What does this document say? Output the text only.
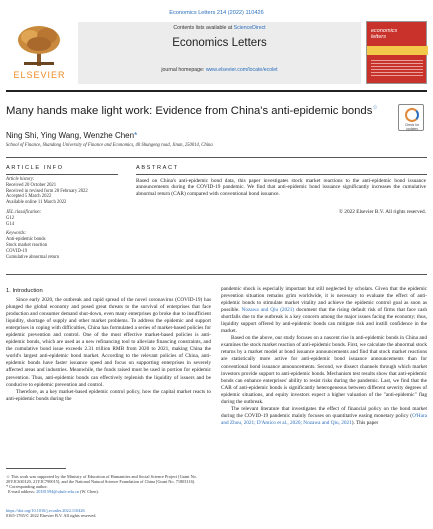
Economics Letters 214 (2022) 110426
ELSEVIER
Contents lists available at ScienceDirect
Economics Letters
journal homepage: www.elsevier.com/locate/ecolet
economics
letters
Many hands make light work: Evidence from China's anti-epidemic bonds☆
Check for
updates
Ning Shi, Ying Wang, Wenzhe Chen*
School of Finance, Shandong University of Finance and Economics, 40 Shungeng road, Jinan, 250014, China
ARTICLE INFO	ABSTRACT
Article history:
Received 20 October 2021
Received in revised form 28 February 2022
Accepted 5 March 2022
Available online 11 March 2022
JEL classification:
G12
G14
Keywords:
Anti-epidemic bonds
Stock market reaction
COVID-19
Cumulative abnormal return
Based on China's anti-epidemic bond data, this paper investigates stock market reactions to the anti-epidemic bond issuance announcements during the COVID-19 pandemic. We find that anti-epidemic bond issuance significantly increases the cumulative abnormal return (CAR) compared with conventional bond issuance.
© 2022 Elsevier B.V. All rights reserved.
1. Introduction

Since early 2020, the outbreak and rapid spread of the novel coronavirus (COVID-19) has plunged the global economy and posed great threats to the survival of enterprises that face production and consumer demand shut-down, even many enterprises go broke due to insufficient liquidity, shortage of supply and other market problems. To address the epidemic and support enterprises in coping with difficulties, China has formulated a series of market-based policies for epidemic prevention and control. One of the most effective market-based policies is anti-epidemic bonds, which are used as a new refinancing tool to alleviate financing constraints, and the cumulative bond issue exceeds 2.31 trillion RMB from 2020 to 2021, making China the world's largest anti-epidemic bond market. According to the relevant policies of China, anti-epidemic bonds have faster issuance speed and focus on supporting enterprises in severely affected areas and industries. Meanwhile, the funds raised must be used in portion for epidemic prevention. Thus, anti-epidemic bonds can effectively replenish the liquidity of issuers and be conducive to epidemic prevention and control.

Therefore, as a key market-based epidemic control policy, how the capital market reacts to anti-epidemic bonds during the

☆ This work was supported by the Ministry of Education of Humanities and Social Science Project [Grant No. 20YJC630120, 21YJC790015]; and the National Natural Science Foundation of China [Grant No. 71803116].
* Corresponding author.
E-mail address: 20181594@sdufe.edu.cn (W. Chen).
https://doi.org/10.1016/j.econlet.2022.110426
0165-1765/© 2022 Elsevier B.V. All rights reserved.

pandemic shock is especially important but still neglected by scholars. Given that the epidemic prevention situation remains grim worldwide, it is necessary to evaluate the effect of anti-epidemic bonds to stimulate market vitality and achieve the epidemic control goal as soon as possible. Nozawa and Qiu (2021) document that the rising default risk of firms that face cash shortfalls due to the outbreak is a key concern among the major issues facing the economy; thus, liquidity support offered by anti-epidemic bonds can mitigate risk and instill confidence in the market.

Based on the above, our study focuses on a nascent rise in anti-epidemic bonds in China and examines the stock market reaction of anti-epidemic bonds. First, we calculate the abnormal stock returns by a market model at bond issuance announcements and find that stock market reactions are statistically more active for anti-epidemic bond issuance announcements than for conventional bond issuance announcements. Second, we dissect channels through which market investors provide support to anti-epidemic bonds. Mechanism test results show that anti-epidemic bonds can enhance enterprises' ability to resist risks during the pandemic. Last, we find that the CAR of anti-epidemic bonds is significantly heterogeneous between different severity degrees of epidemic situations, and equity investors expect a higher valuation of the "anti-epidemic" flag during the outbreak.

The relevant literature that investigates the effect of financial policy on the bond market during the COVID-19 pandemic mainly focuses on quantitative easing monetary policy (O'Hara and Zhou, 2021; D'Amico et al., 2020; Nozawa and Qiu, 2021). This paper
